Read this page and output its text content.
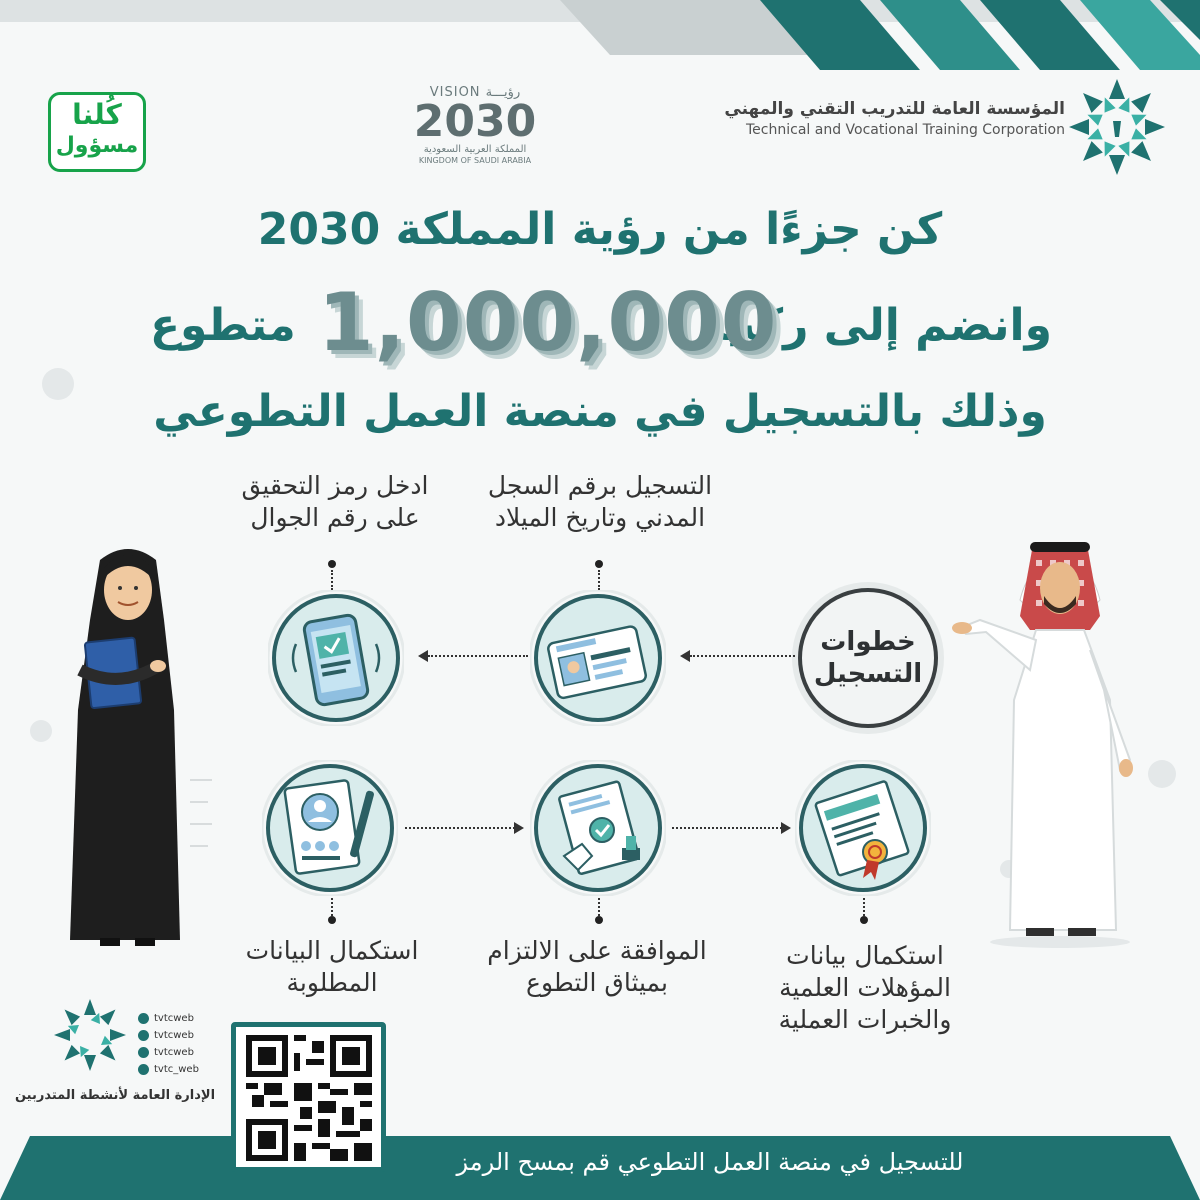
المؤسسة العامة للتدريب التقني والمهني
Technical and Vocational Training Corporation
VISION رؤيـــة
2030
المملكة العربية السعودية
KINGDOM OF SAUDI ARABIA
كُلنا
مسؤول
كن جزءًا من رؤية المملكة 2030
وانضم إلى ركب
1,000,000
متطوع
وذلك بالتسجيل في منصة العمل التطوعي
التسجيل برقم السجل
المدني وتاريخ الميلاد
ادخل رمز التحقيق
على رقم الجوال
خطوات
التسجيل
استكمال البيانات
المطلوبة
الموافقة على الالتزام
بميثاق التطوع
استكمال بيانات
المؤهلات العلمية
والخبرات العملية
tvtcweb
tvtcweb
tvtcweb
tvtc_web
الإدارة العامة لأنشطة المتدربين
للتسجيل في منصة العمل التطوعي قم بمسح الرمز
